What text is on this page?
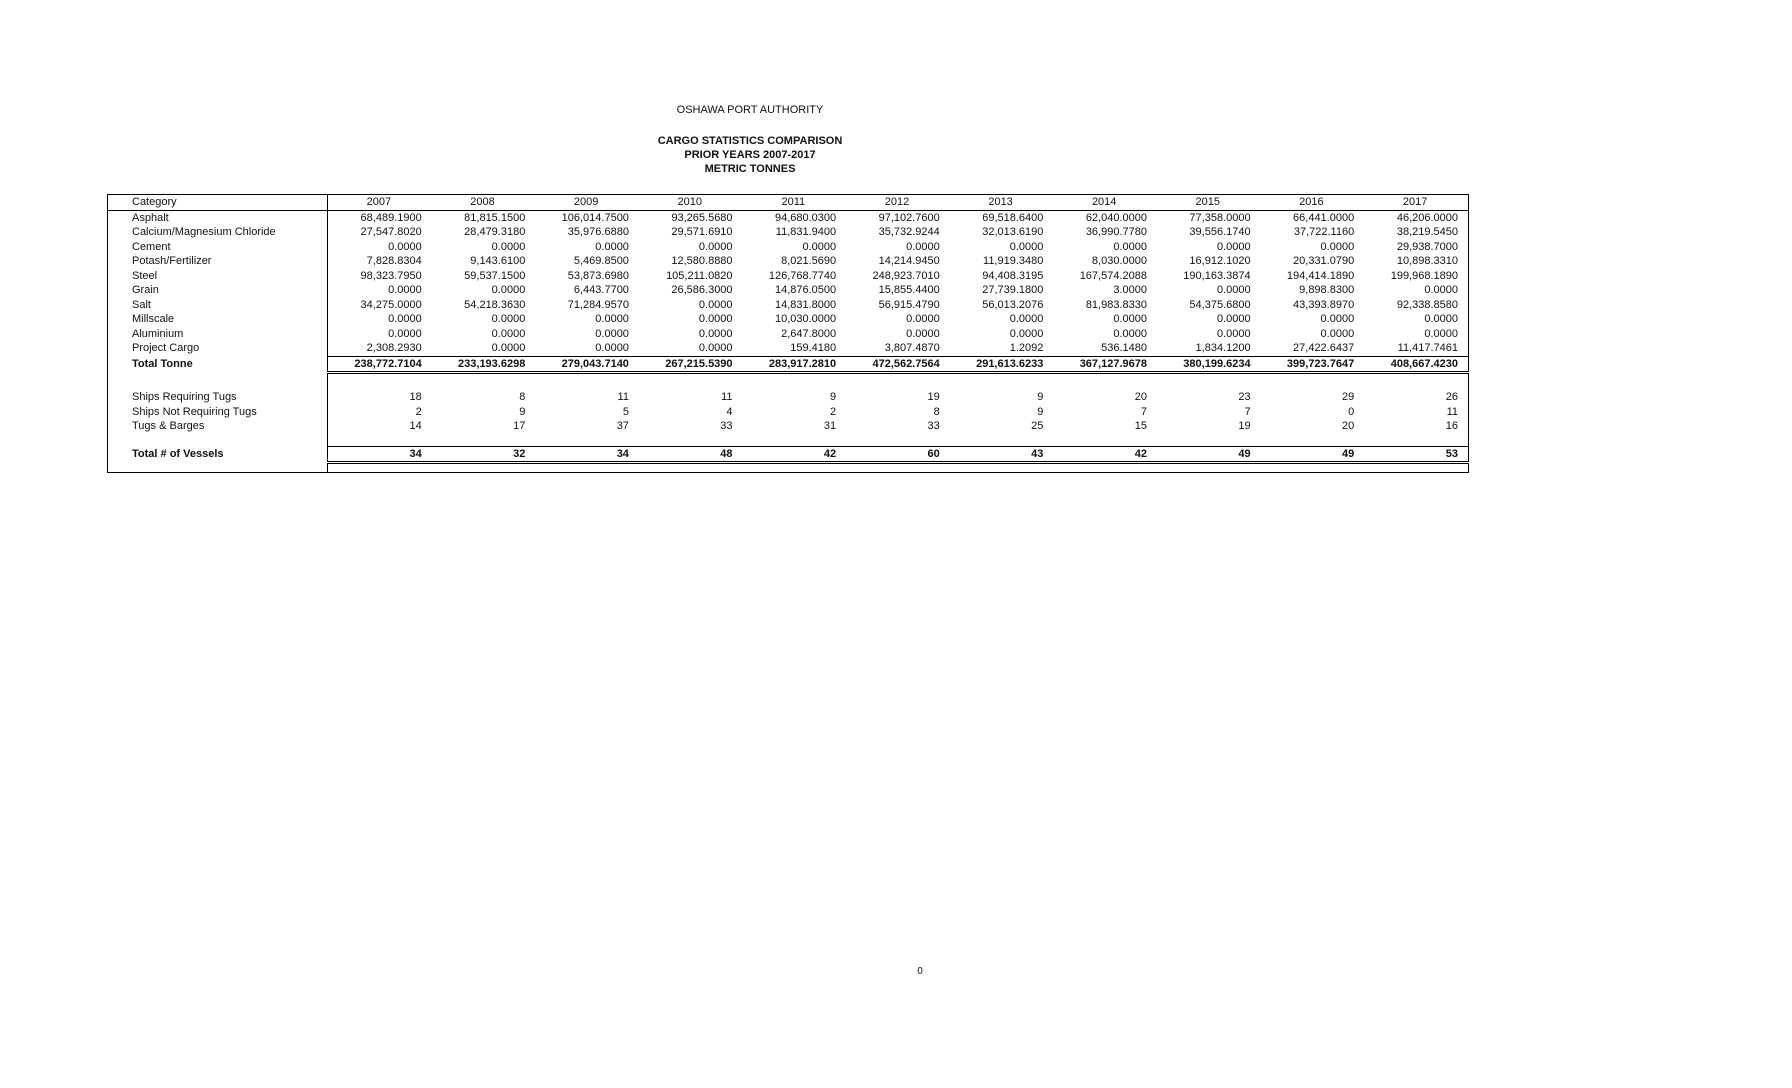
OSHAWA PORT AUTHORITY
CARGO STATISTICS COMPARISON
PRIOR YEARS 2007-2017
METRIC TONNES
Category	2007	2008	2009	2010	2011	2012	2013	2014	2015	2016	2017
Asphalt	68,489.1900	81,815.1500	106,014.7500	93,265.5680	94,680.0300	97,102.7600	69,518.6400	62,040.0000	77,358.0000	66,441.0000	46,206.0000
Calcium/Magnesium Chloride	27,547.8020	28,479.3180	35,976.6880	29,571.6910	11,831.9400	35,732.9244	32,013.6190	36,990.7780	39,556.1740	37,722.1160	38,219.5450
Cement	0.0000	0.0000	0.0000	0.0000	0.0000	0.0000	0.0000	0.0000	0.0000	0.0000	29,938.7000
Potash/Fertilizer	7,828.8304	9,143.6100	5,469.8500	12,580.8880	8,021.5690	14,214.9450	11,919.3480	8,030.0000	16,912.1020	20,331.0790	10,898.3310
Steel	98,323.7950	59,537.1500	53,873.6980	105,211.0820	126,768.7740	248,923.7010	94,408.3195	167,574.2088	190,163.3874	194,414.1890	199,968.1890
Grain	0.0000	0.0000	6,443.7700	26,586.3000	14,876.0500	15,855.4400	27,739.1800	3.0000	0.0000	9,898.8300	0.0000
Salt	34,275.0000	54,218.3630	71,284.9570	0.0000	14,831.8000	56,915.4790	56,013.2076	81,983.8330	54,375.6800	43,393.8970	92,338.8580
Millscale	0.0000	0.0000	0.0000	0.0000	10,030.0000	0.0000	0.0000	0.0000	0.0000	0.0000	0.0000
Aluminium	0.0000	0.0000	0.0000	0.0000	2,647.8000	0.0000	0.0000	0.0000	0.0000	0.0000	0.0000
Project Cargo	2,308.2930	0.0000	0.0000	0.0000	159.4180	3,807.4870	1.2092	536.1480	1,834.1200	27,422.6437	11,417.7461
Total Tonne	238,772.7104	233,193.6298	279,043.7140	267,215.5390	283,917.2810	472,562.7564	291,613.6233	367,127.9678	380,199.6234	399,723.7647	408,667.4230

Ships Requiring Tugs	18	8	11	11	9	19	9	20	23	29	26
Ships Not Requiring Tugs	2	9	5	4	2	8	9	7	7	0	11
Tugs & Barges	14	17	37	33	31	33	25	15	19	20	16

Total # of Vessels	34	32	34	48	42	60	43	42	49	49	53

0
